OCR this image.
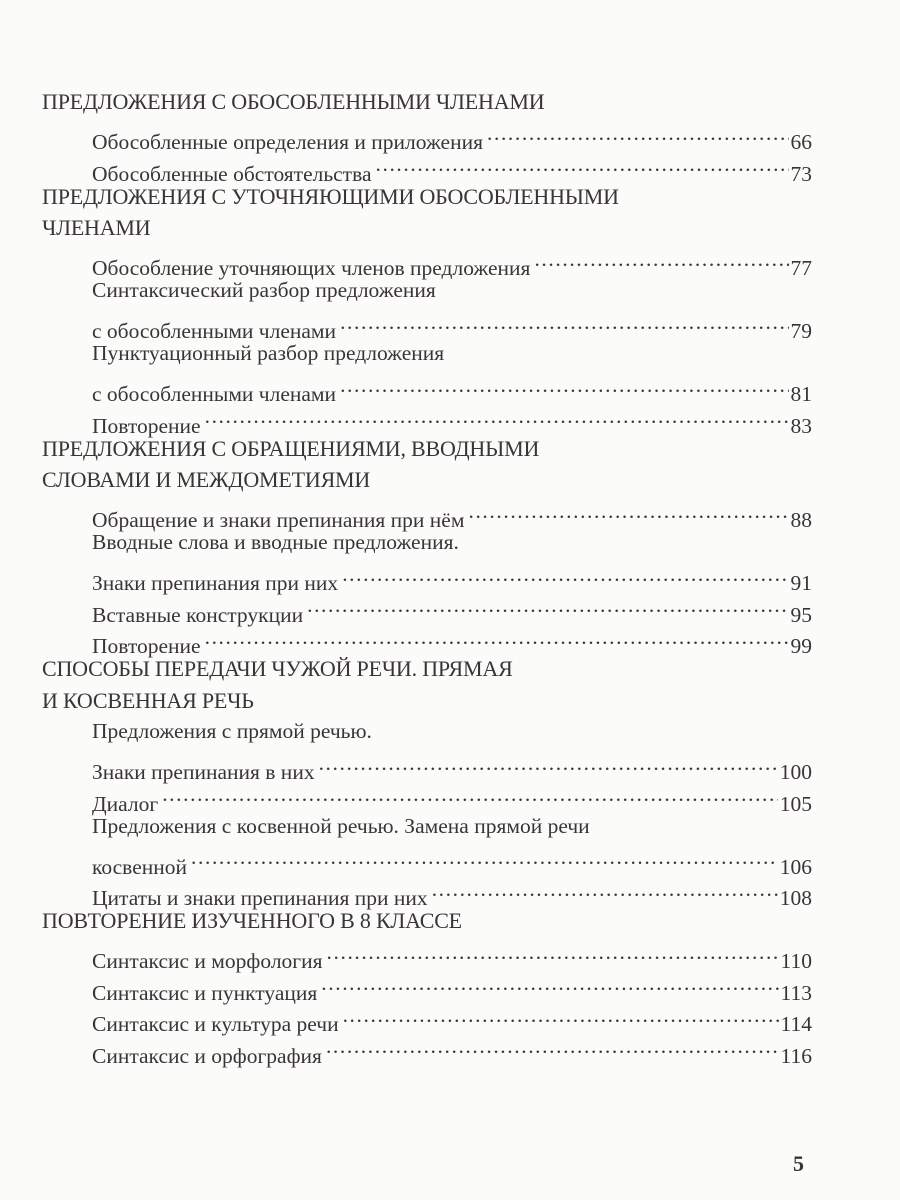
ПРЕДЛОЖЕНИЯ С ОБОСОБЛЕННЫМИ ЧЛЕНАМИ
Обособленные определения и приложения .....	66
Обособленные обстоятельства .....	73
ПРЕДЛОЖЕНИЯ С УТОЧНЯЮЩИМИ ОБОСОБЛЕННЫМИ
ЧЛЕНАМИ
Обособление уточняющих членов предложения .....	77
Синтаксический разбор предложения
с обособленными членами .....	79
Пунктуационный разбор предложения
с обособленными членами .....	81
Повторение .....	83
ПРЕДЛОЖЕНИЯ С ОБРАЩЕНИЯМИ, ВВОДНЫМИ
СЛОВАМИ И МЕЖДОМЕТИЯМИ
Обращение и знаки препинания при нём .....	88
Вводные слова и вводные предложения.
Знаки препинания при них .....	91
Вставные конструкции .....	95
Повторение .....	99
СПОСОБЫ ПЕРЕДАЧИ ЧУЖОЙ РЕЧИ. ПРЯМАЯ
И КОСВЕННАЯ РЕЧЬ
Предложения с прямой речью.
Знаки препинания в них .....	100
Диалог .....	105
Предложения с косвенной речью. Замена прямой речи
косвенной .....	106
Цитаты и знаки препинания при них .....	108
ПОВТОРЕНИЕ ИЗУЧЕННОГО В 8 КЛАССЕ
Синтаксис и морфология .....	110
Синтаксис и пунктуация .....	113
Синтаксис и культура речи .....	114
Синтаксис и орфография .....	116
5
